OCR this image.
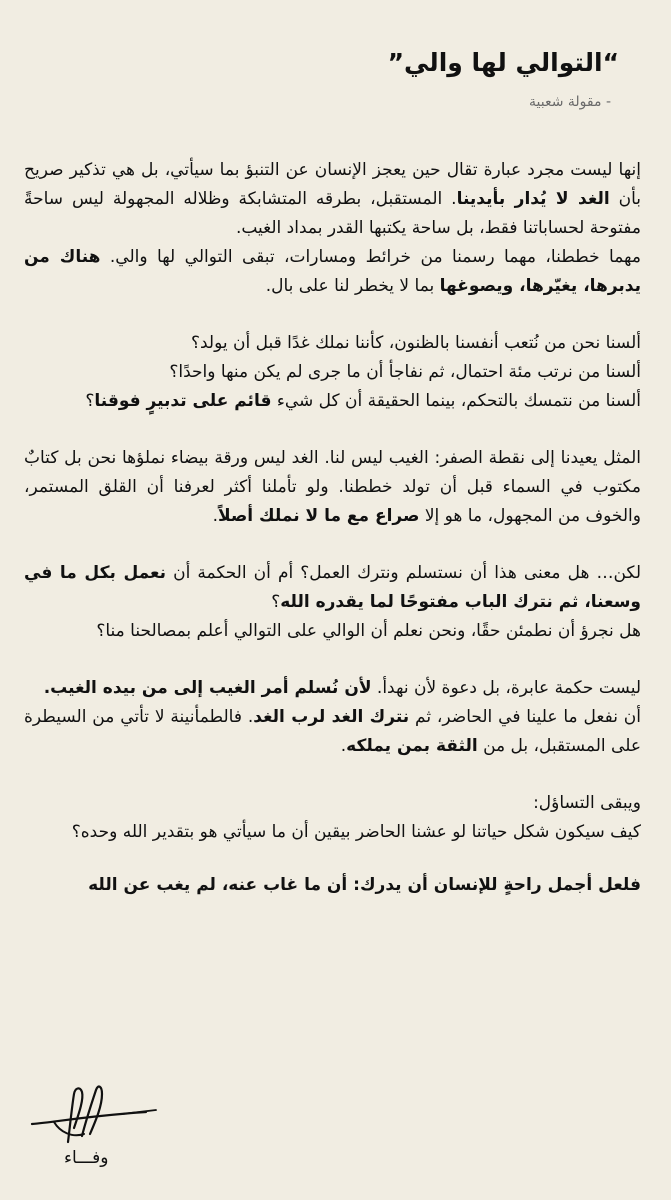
“التوالي لها والي”
- مقولة شعبية

إنها ليست مجرد عبارة تقال حين يعجز الإنسان عن التنبؤ بما سيأتي، بل هي تذكير صريح بأن الغد لا يُدار بأيدينا. المستقبل، بطرقه المتشابكة وظلاله المجهولة ليس ساحةً مفتوحة لحساباتنا فقط، بل ساحة يكتبها القدر بمداد الغيب.
مهما خططنا، مهما رسمنا من خرائط ومسارات، تبقى التوالي لها والي. هناك من يدبرها، يغيّرها، ويصوغها بما لا يخطر لنا على بال.

ألسنا نحن من نُتعب أنفسنا بالظنون، كأننا نملك غدًا قبل أن يولد؟
ألسنا من نرتب مئة احتمال، ثم نفاجأ أن ما جرى لم يكن منها واحدًا؟
ألسنا من نتمسك بالتحكم، بينما الحقيقة أن كل شيء قائم على تدبيرٍ فوقنا؟

المثل يعيدنا إلى نقطة الصفر: الغيب ليس لنا. الغد ليس ورقة بيضاء نملؤها نحن بل كتابٌ مكتوب في السماء قبل أن تولد خططنا. ولو تأملنا أكثر لعرفنا أن القلق المستمر، والخوف من المجهول، ما هو إلا صراع مع ما لا نملك أصلاً.

لكن… هل معنى هذا أن نستسلم ونترك العمل؟ أم أن الحكمة أن نعمل بكل ما في وسعنا، ثم نترك الباب مفتوحًا لما يقدره الله؟
هل نجرؤ أن نطمئن حقًا، ونحن نعلم أن الوالي على التوالي أعلم بمصالحنا منا؟

ليست حكمة عابرة، بل دعوة لأن نهدأ. لأن نُسلم أمر الغيب إلى من بيده الغيب.
أن نفعل ما علينا في الحاضر، ثم نترك الغد لرب الغد. فالطمأنينة لا تأتي من السيطرة على المستقبل، بل من الثقة بمن يملكه.

ويبقى التساؤل:
كيف سيكون شكل حياتنا لو عشنا الحاضر بيقين أن ما سيأتي هو بتقدير الله وحده؟

فلعل أجمل راحةٍ للإنسان أن يدرك: أن ما غاب عنه، لم يغب عن الله
وفـــاء
